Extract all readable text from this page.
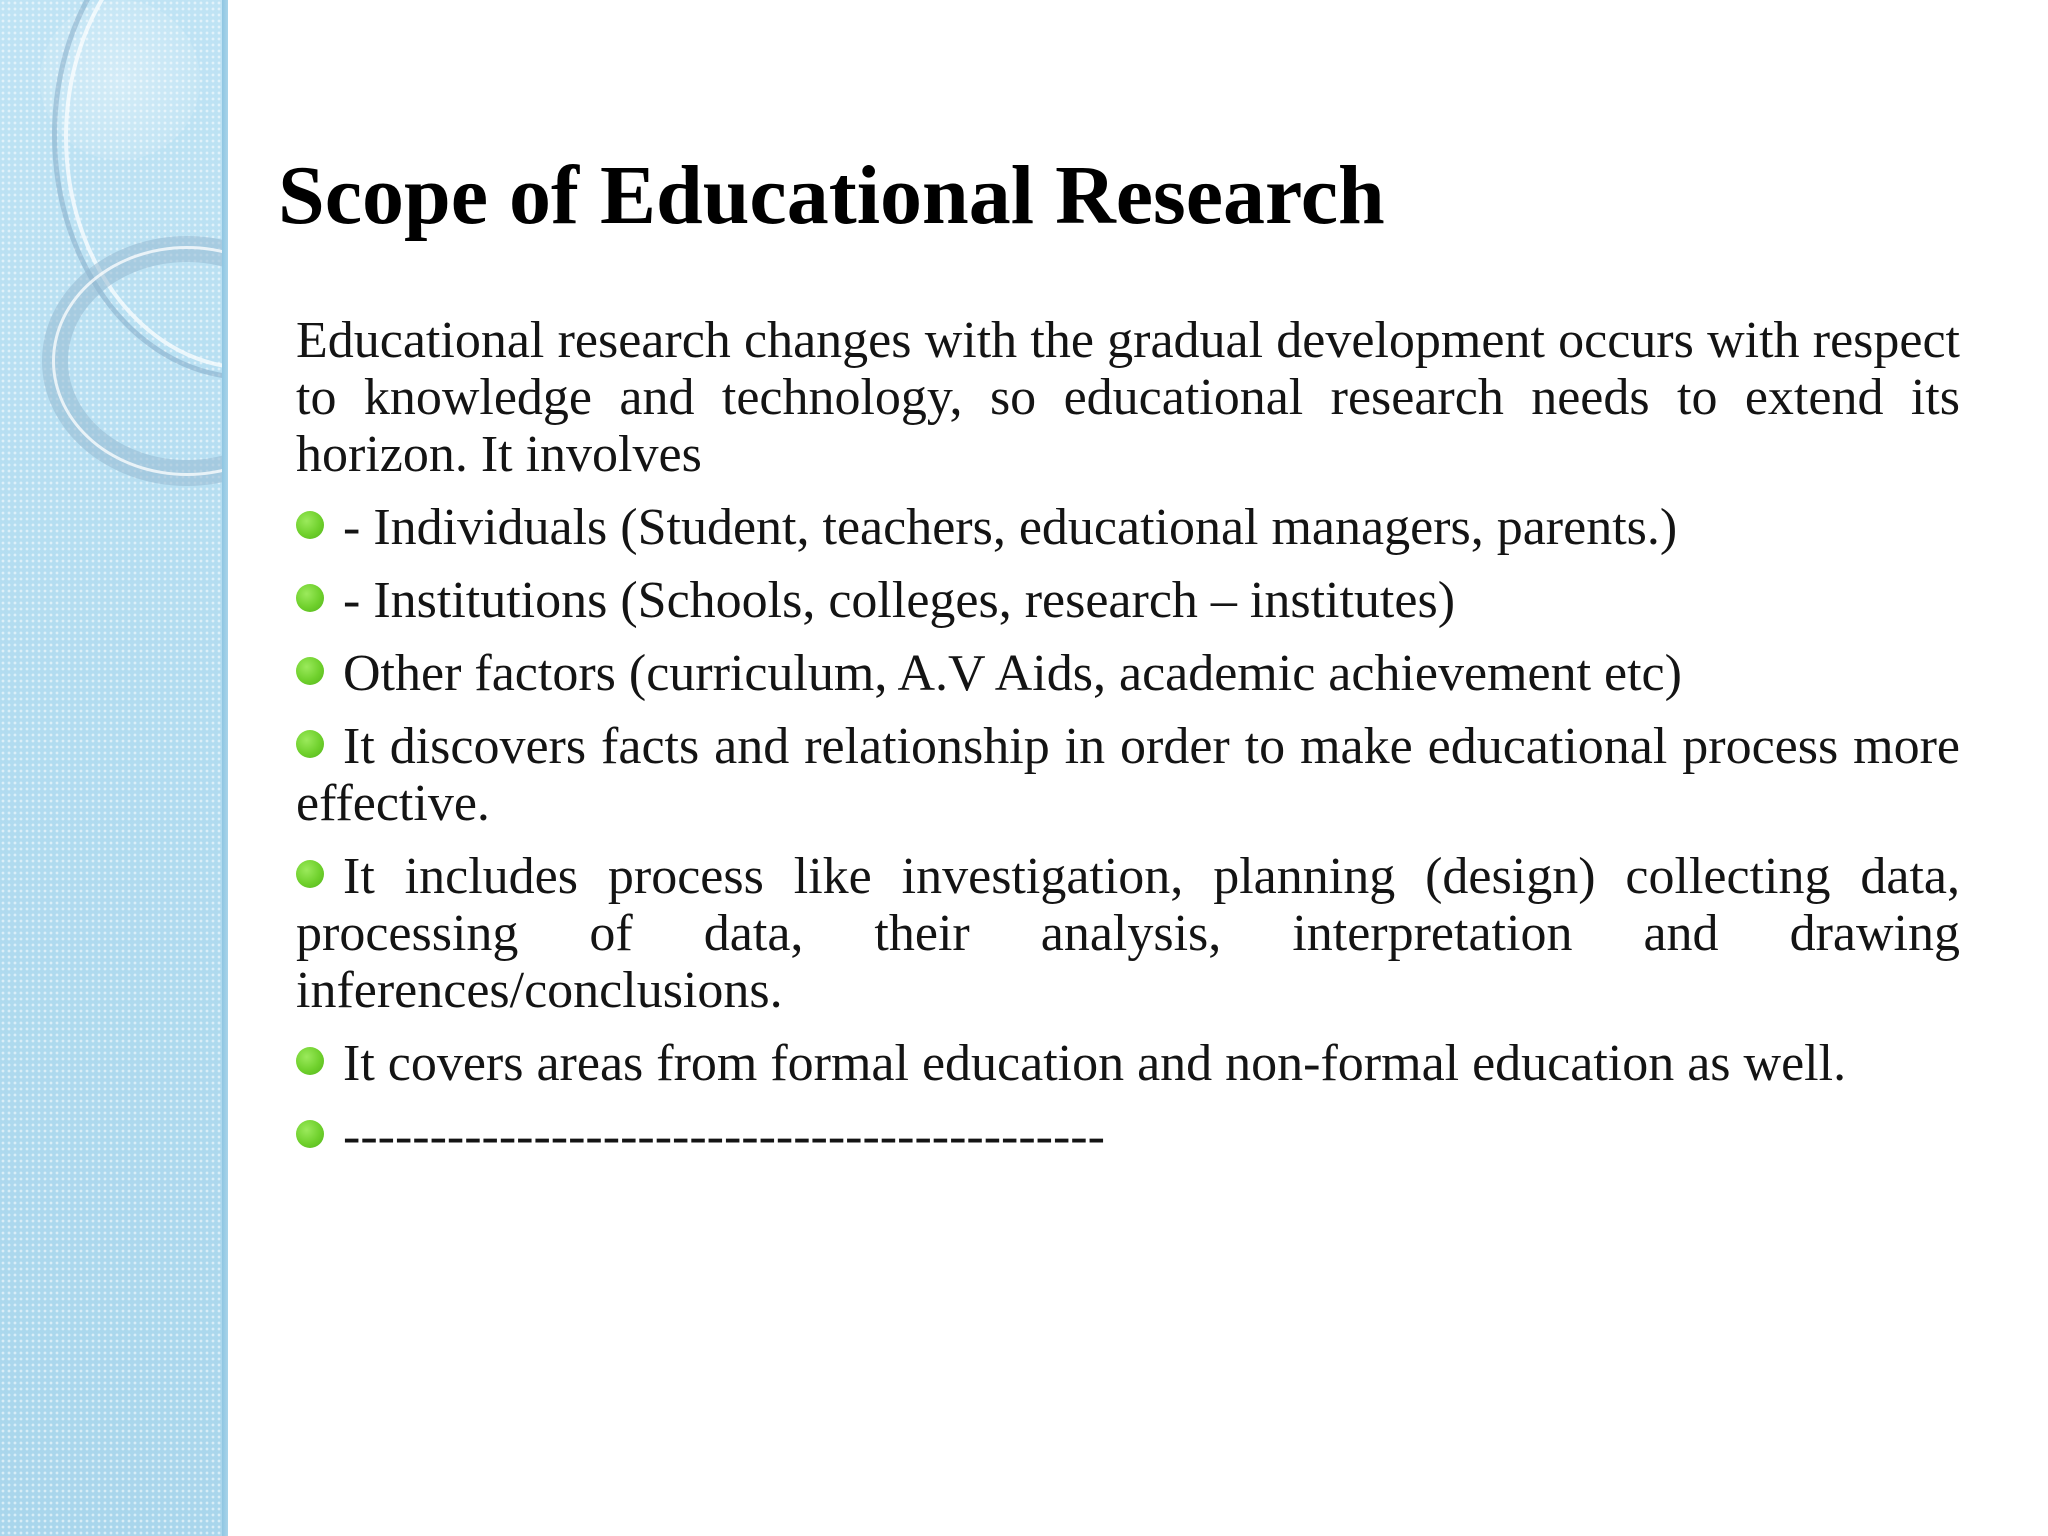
Scope of Educational Research

Educational research changes with the gradual development occurs with respect to knowledge and technology, so educational research needs to extend its horizon. It involves

- Individuals (Student, teachers, educational managers, parents.)
- Institutions (Schools, colleges, research – institutes)
Other factors (curriculum, A.V Aids, academic achievement etc)
It discovers facts and relationship in order to make educational process more effective.
It includes process like investigation, planning (design) collecting data, processing of data, their analysis, interpretation and drawing inferences/conclusions.
It covers areas from formal education and non-formal education as well.
--------------------------------------------
